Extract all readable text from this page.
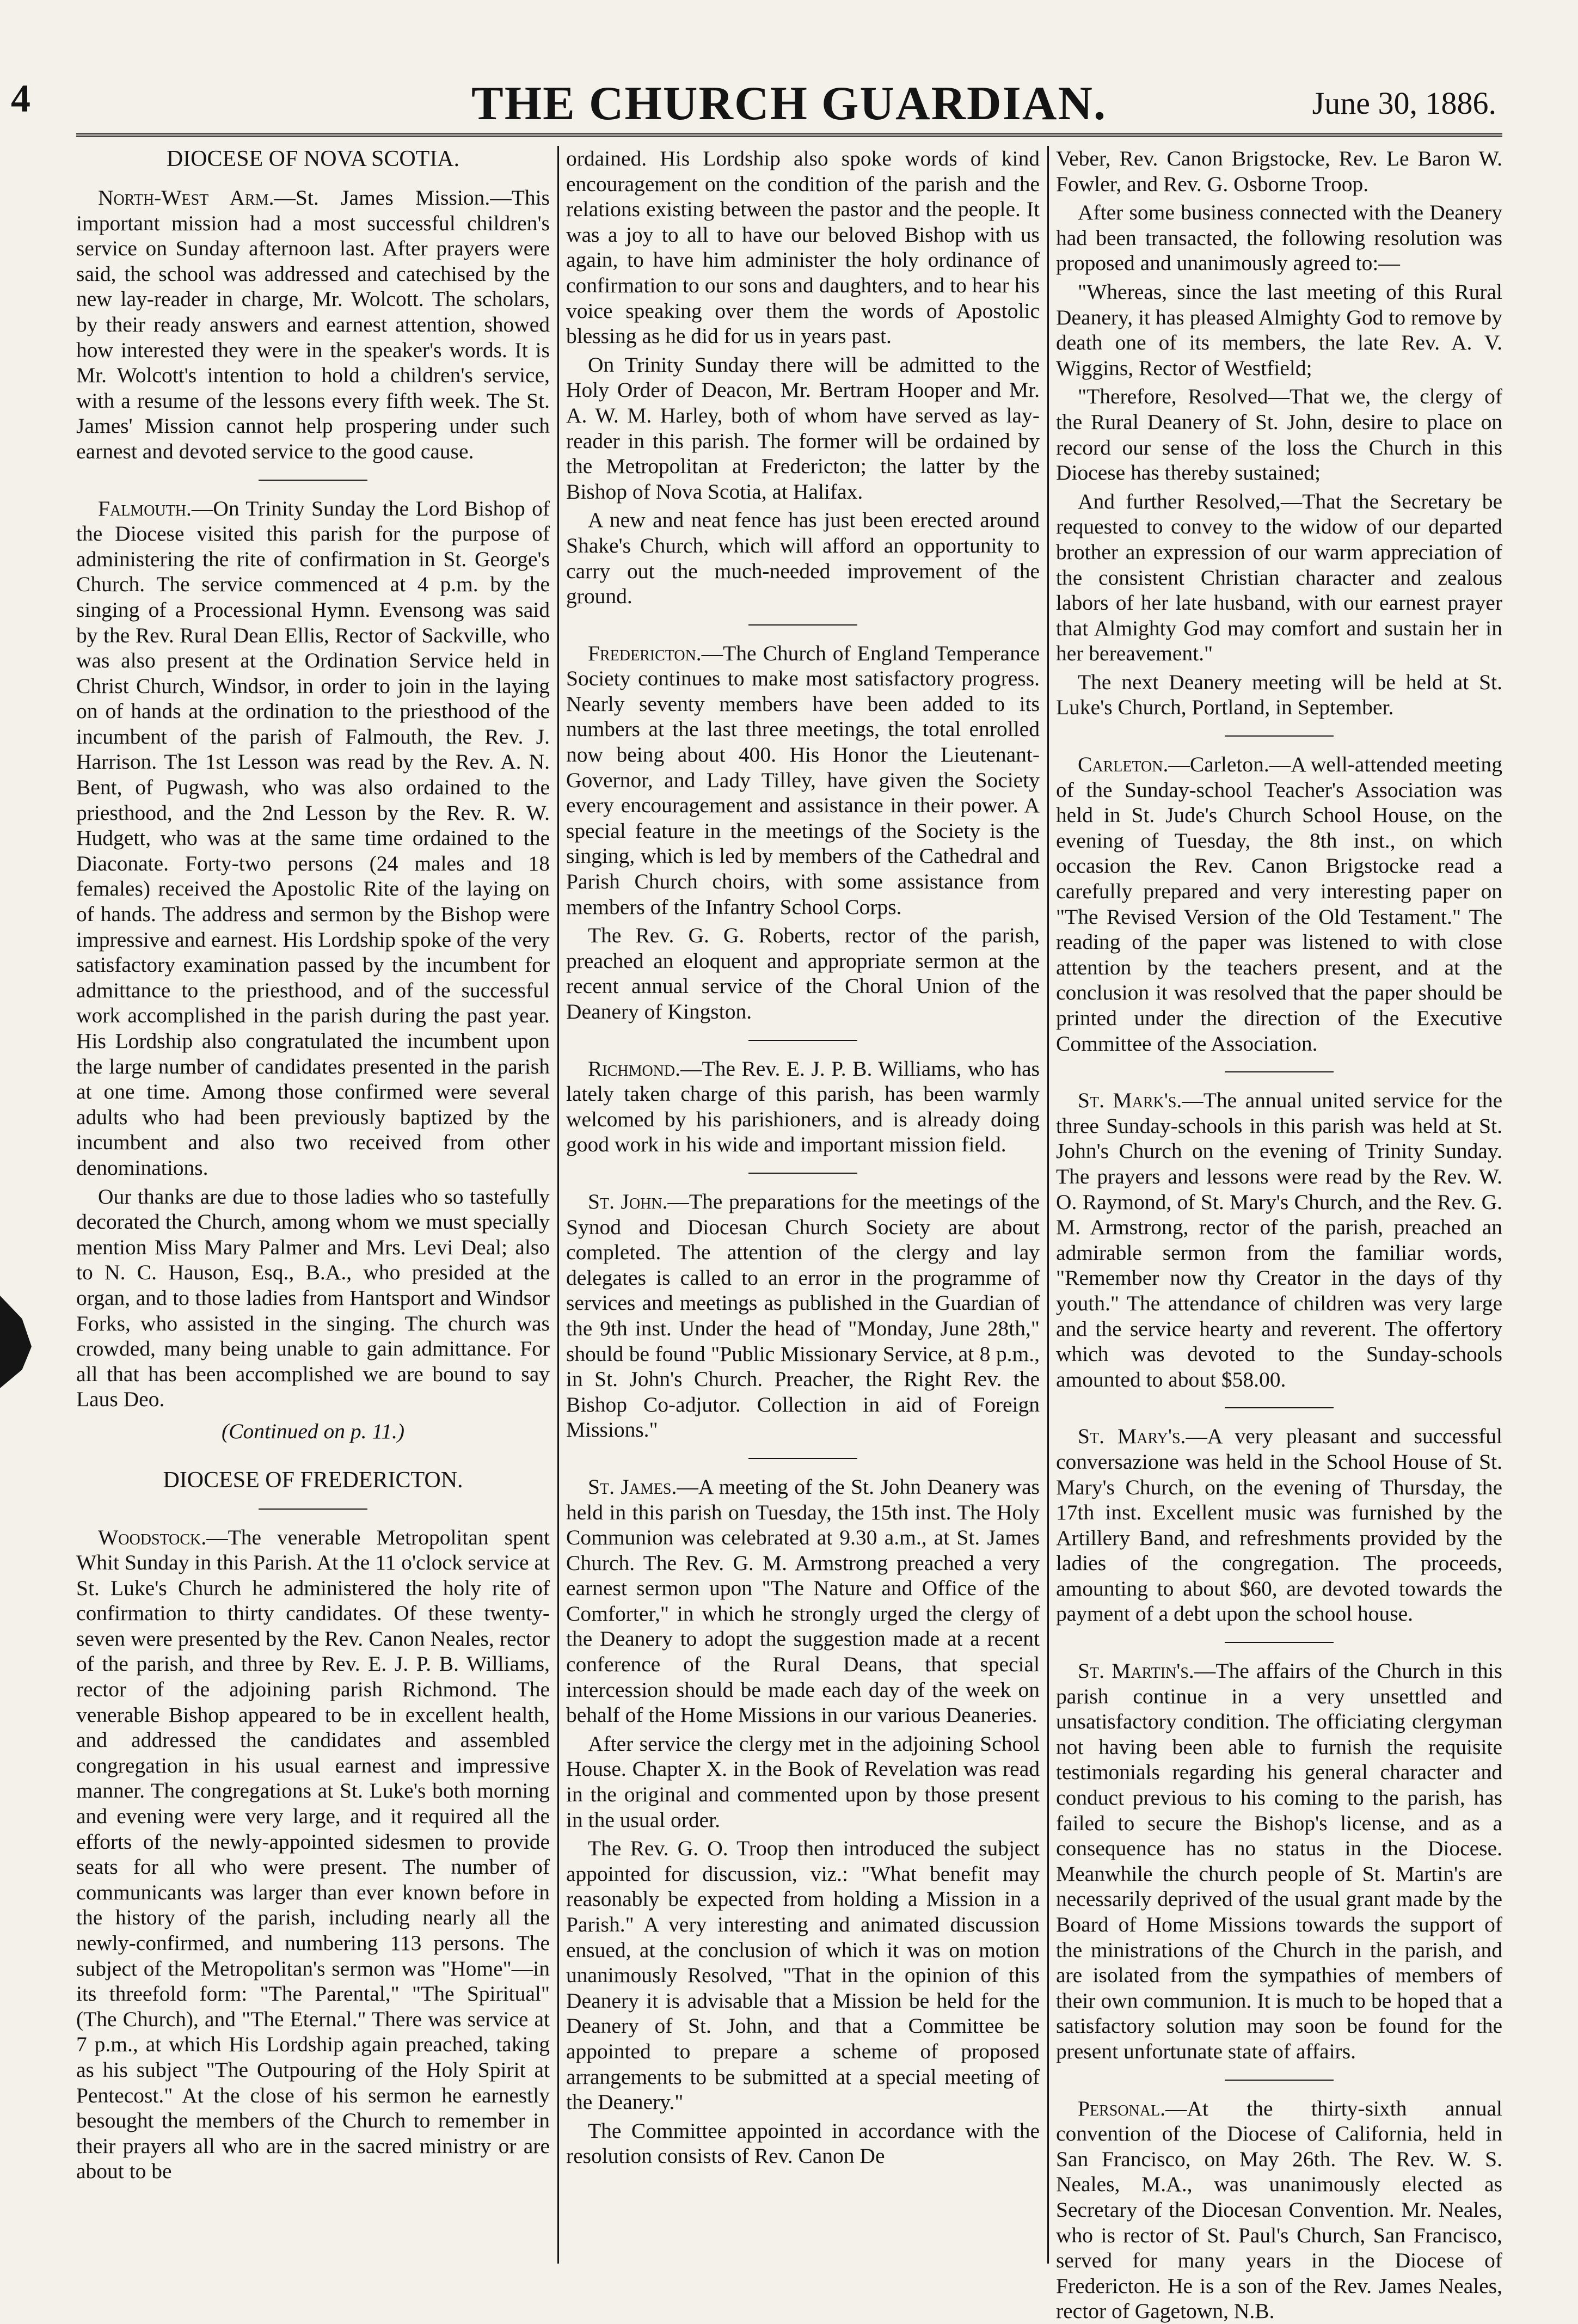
4	THE CHURCH GUARDIAN.	June 30, 1886.
DIOCESE OF NOVA SCOTIA.

North-West Arm.—St. James Mission.—This important mission had a most successful children's service on Sunday afternoon last. After prayers were said, the school was addressed and catechised by the new lay-reader in charge, Mr. Wolcott. The scholars, by their ready answers and earnest attention, showed how interested they were in the speaker's words. It is Mr. Wolcott's intention to hold a children's service, with a resume of the lessons every fifth week. The St. James' Mission cannot help prospering under such earnest and devoted service to the good cause.

Falmouth.—On Trinity Sunday the Lord Bishop of the Diocese visited this parish for the purpose of administering the rite of confirmation in St. George's Church. The service commenced at 4 p.m. by the singing of a Processional Hymn. Evensong was said by the Rev. Rural Dean Ellis, Rector of Sackville, who was also present at the Ordination Service held in Christ Church, Windsor, in order to join in the laying on of hands at the ordination to the priesthood of the incumbent of the parish of Falmouth, the Rev. J. Harrison. The 1st Lesson was read by the Rev. A. N. Bent, of Pugwash, who was also ordained to the priesthood, and the 2nd Lesson by the Rev. R. W. Hudgett, who was at the same time ordained to the Diaconate. Forty-two persons (24 males and 18 females) received the Apostolic Rite of the laying on of hands. The address and sermon by the Bishop were impressive and earnest. His Lordship spoke of the very satisfactory examination passed by the incumbent for admittance to the priesthood, and of the successful work accomplished in the parish during the past year. His Lordship also congratulated the incumbent upon the large number of candidates presented in the parish at one time. Among those confirmed were several adults who had been previously baptized by the incumbent and also two received from other denominations.

Our thanks are due to those ladies who so tastefully decorated the Church, among whom we must specially mention Miss Mary Palmer and Mrs. Levi Deal; also to N. C. Hauson, Esq., B.A., who presided at the organ, and to those ladies from Hantsport and Windsor Forks, who assisted in the singing. The church was crowded, many being unable to gain admittance. For all that has been accomplished we are bound to say Laus Deo.

(Continued on p. 11.)

DIOCESE OF FREDERICTON.

Woodstock.—The venerable Metropolitan spent Whit Sunday in this Parish. At the 11 o'clock service at St. Luke's Church he administered the holy rite of confirmation to thirty candidates. Of these twenty-seven were presented by the Rev. Canon Neales, rector of the parish, and three by Rev. E. J. P. B. Williams, rector of the adjoining parish Richmond. The venerable Bishop appeared to be in excellent health, and addressed the candidates and assembled congregation in his usual earnest and impressive manner. The congregations at St. Luke's both morning and evening were very large, and it required all the efforts of the newly-appointed sidesmen to provide seats for all who were present. The number of communicants was larger than ever known before in the history of the parish, including nearly all the newly-confirmed, and numbering 113 persons. The subject of the Metropolitan's sermon was "Home"—in its threefold form: "The Parental," "The Spiritual" (The Church), and "The Eternal." There was service at 7 p.m., at which His Lordship again preached, taking as his subject "The Outpouring of the Holy Spirit at Pentecost." At the close of his sermon he earnestly besought the members of the Church to remember in their prayers all who are in the sacred ministry or are about to be

ordained. His Lordship also spoke words of kind encouragement on the condition of the parish and the relations existing between the pastor and the people. It was a joy to all to have our beloved Bishop with us again, to have him administer the holy ordinance of confirmation to our sons and daughters, and to hear his voice speaking over them the words of Apostolic blessing as he did for us in years past.

On Trinity Sunday there will be admitted to the Holy Order of Deacon, Mr. Bertram Hooper and Mr. A. W. M. Harley, both of whom have served as lay-reader in this parish. The former will be ordained by the Metropolitan at Fredericton; the latter by the Bishop of Nova Scotia, at Halifax.

A new and neat fence has just been erected around Shake's Church, which will afford an opportunity to carry out the much-needed improvement of the ground.

Fredericton.—The Church of England Temperance Society continues to make most satisfactory progress. Nearly seventy members have been added to its numbers at the last three meetings, the total enrolled now being about 400. His Honor the Lieutenant-Governor, and Lady Tilley, have given the Society every encouragement and assistance in their power. A special feature in the meetings of the Society is the singing, which is led by members of the Cathedral and Parish Church choirs, with some assistance from members of the Infantry School Corps.

The Rev. G. G. Roberts, rector of the parish, preached an eloquent and appropriate sermon at the recent annual service of the Choral Union of the Deanery of Kingston.

Richmond.—The Rev. E. J. P. B. Williams, who has lately taken charge of this parish, has been warmly welcomed by his parishioners, and is already doing good work in his wide and important mission field.

St. John.—The preparations for the meetings of the Synod and Diocesan Church Society are about completed. The attention of the clergy and lay delegates is called to an error in the programme of services and meetings as published in the Guardian of the 9th inst. Under the head of "Monday, June 28th," should be found "Public Missionary Service, at 8 p.m., in St. John's Church. Preacher, the Right Rev. the Bishop Co-adjutor. Collection in aid of Foreign Missions."

St. James.—A meeting of the St. John Deanery was held in this parish on Tuesday, the 15th inst. The Holy Communion was celebrated at 9.30 a.m., at St. James Church. The Rev. G. M. Armstrong preached a very earnest sermon upon "The Nature and Office of the Comforter," in which he strongly urged the clergy of the Deanery to adopt the suggestion made at a recent conference of the Rural Deans, that special intercession should be made each day of the week on behalf of the Home Missions in our various Deaneries.

After service the clergy met in the adjoining School House. Chapter X. in the Book of Revelation was read in the original and commented upon by those present in the usual order.

The Rev. G. O. Troop then introduced the subject appointed for discussion, viz.: "What benefit may reasonably be expected from holding a Mission in a Parish." A very interesting and animated discussion ensued, at the conclusion of which it was on motion unanimously Resolved, "That in the opinion of this Deanery it is advisable that a Mission be held for the Deanery of St. John, and that a Committee be appointed to prepare a scheme of proposed arrangements to be submitted at a special meeting of the Deanery."

The Committee appointed in accordance with the resolution consists of Rev. Canon De

Veber, Rev. Canon Brigstocke, Rev. Le Baron W. Fowler, and Rev. G. Osborne Troop.

After some business connected with the Deanery had been transacted, the following resolution was proposed and unanimously agreed to:—

"Whereas, since the last meeting of this Rural Deanery, it has pleased Almighty God to remove by death one of its members, the late Rev. A. V. Wiggins, Rector of Westfield;

"Therefore, Resolved—That we, the clergy of the Rural Deanery of St. John, desire to place on record our sense of the loss the Church in this Diocese has thereby sustained;

And further Resolved,—That the Secretary be requested to convey to the widow of our departed brother an expression of our warm appreciation of the consistent Christian character and zealous labors of her late husband, with our earnest prayer that Almighty God may comfort and sustain her in her bereavement."

The next Deanery meeting will be held at St. Luke's Church, Portland, in September.

Carleton.—Carleton.—A well-attended meeting of the Sunday-school Teacher's Association was held in St. Jude's Church School House, on the evening of Tuesday, the 8th inst., on which occasion the Rev. Canon Brigstocke read a carefully prepared and very interesting paper on "The Revised Version of the Old Testament." The reading of the paper was listened to with close attention by the teachers present, and at the conclusion it was resolved that the paper should be printed under the direction of the Executive Committee of the Association.

St. Mark's.—The annual united service for the three Sunday-schools in this parish was held at St. John's Church on the evening of Trinity Sunday. The prayers and lessons were read by the Rev. W. O. Raymond, of St. Mary's Church, and the Rev. G. M. Armstrong, rector of the parish, preached an admirable sermon from the familiar words, "Remember now thy Creator in the days of thy youth." The attendance of children was very large and the service hearty and reverent. The offertory which was devoted to the Sunday-schools amounted to about $58.00.

St. Mary's.—A very pleasant and successful conversazione was held in the School House of St. Mary's Church, on the evening of Thursday, the 17th inst. Excellent music was furnished by the Artillery Band, and refreshments provided by the ladies of the congregation. The proceeds, amounting to about $60, are devoted towards the payment of a debt upon the school house.

St. Martin's.—The affairs of the Church in this parish continue in a very unsettled and unsatisfactory condition. The officiating clergyman not having been able to furnish the requisite testimonials regarding his general character and conduct previous to his coming to the parish, has failed to secure the Bishop's license, and as a consequence has no status in the Diocese. Meanwhile the church people of St. Martin's are necessarily deprived of the usual grant made by the Board of Home Missions towards the support of the ministrations of the Church in the parish, and are isolated from the sympathies of members of their own communion. It is much to be hoped that a satisfactory solution may soon be found for the present unfortunate state of affairs.

Personal.—At the thirty-sixth annual convention of the Diocese of California, held in San Francisco, on May 26th. The Rev. W. S. Neales, M.A., was unanimously elected as Secretary of the Diocesan Convention. Mr. Neales, who is rector of St. Paul's Church, San Francisco, served for many years in the Diocese of Fredericton. He is a son of the Rev. James Neales, rector of Gagetown, N.B.
